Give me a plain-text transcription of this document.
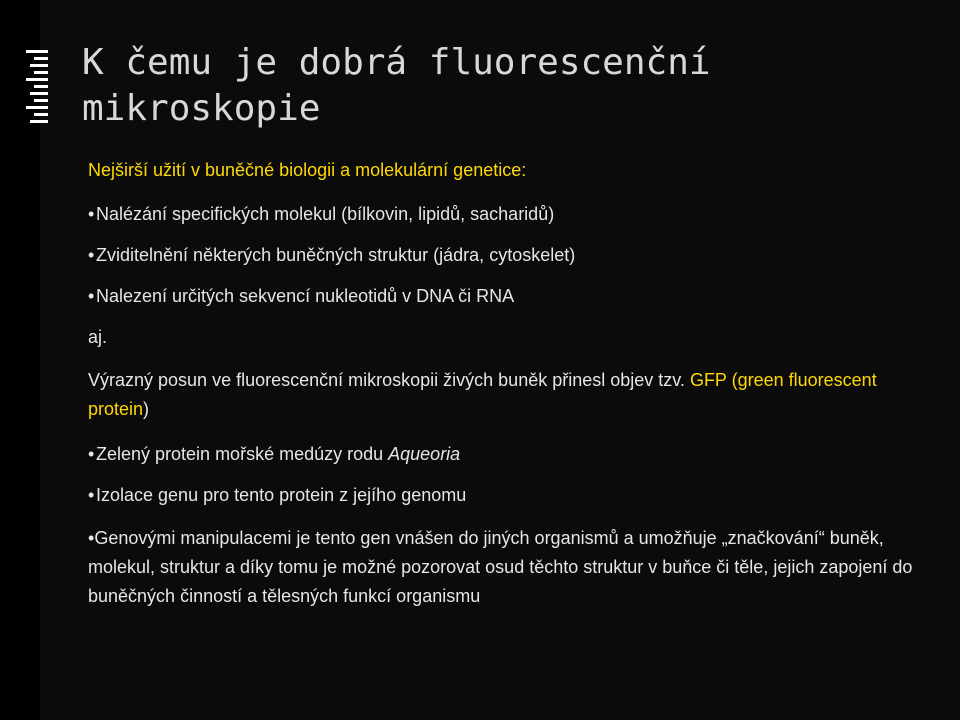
K čemu je dobrá fluorescenční mikroskopie

Nejširší užití v buněčné biologii a molekulární genetice:

•Nalézání specifických molekul (bílkovin, lipidů, sacharidů)

•Zviditelnění některých buněčných struktur (jádra, cytoskelet)

•Nalezení určitých sekvencí nukleotidů v DNA či RNA

aj.

Výrazný posun ve fluorescenční mikroskopii živých buněk přinesl objev tzv. GFP (green fluorescent protein)

•Zelený protein mořské medúzy rodu Aqueoria

•Izolace genu pro tento protein z jejího genomu

•Genovými manipulacemi je tento gen vnášen do jiných organismů a umožňuje „značkování“ buněk, molekul, struktur a díky tomu je možné pozorovat osud těchto struktur v buňce či těle, jejich zapojení do buněčných činností a tělesných funkcí organismu
